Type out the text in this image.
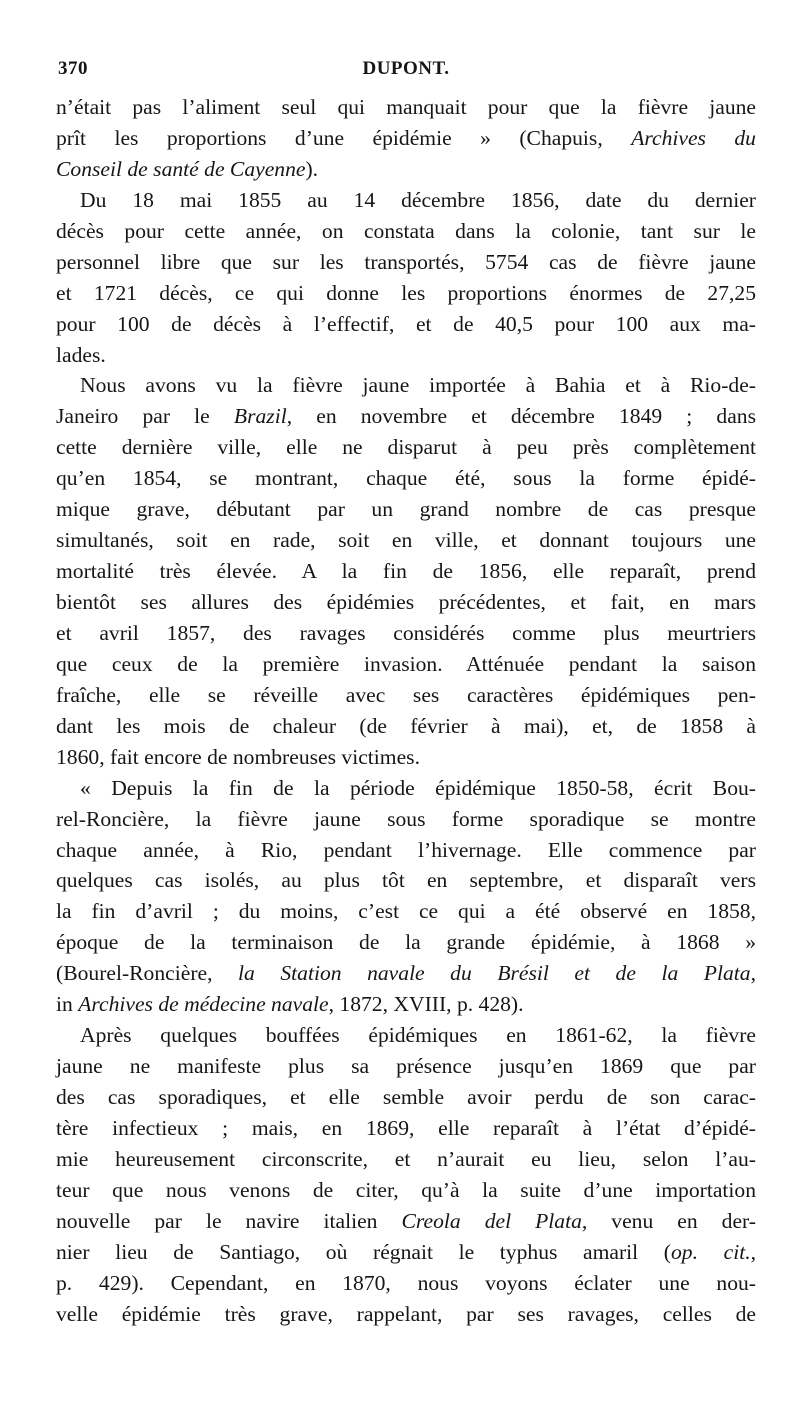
370	DUPONT.
n’était pas l’aliment seul qui manquait pour que la fièvre jaune
prît les proportions d’une épidémie » (Chapuis, Archives du
Conseil de santé de Cayenne).
Du 18 mai 1855 au 14 décembre 1856, date du dernier
décès pour cette année, on constata dans la colonie, tant sur le
personnel libre que sur les transportés, 5754 cas de fièvre jaune
et 1721 décès, ce qui donne les proportions énormes de 27,25
pour 100 de décès à l’effectif, et de 40,5 pour 100 aux ma-
lades.
Nous avons vu la fièvre jaune importée à Bahia et à Rio-de-
Janeiro par le Brazil, en novembre et décembre 1849 ; dans
cette dernière ville, elle ne disparut à peu près complètement
qu’en 1854, se montrant, chaque été, sous la forme épidé-
mique grave, débutant par un grand nombre de cas presque
simultanés, soit en rade, soit en ville, et donnant toujours une
mortalité très élevée. A la fin de 1856, elle reparaît, prend
bientôt ses allures des épidémies précédentes, et fait, en mars
et avril 1857, des ravages considérés comme plus meurtriers
que ceux de la première invasion. Atténuée pendant la saison
fraîche, elle se réveille avec ses caractères épidémiques pen-
dant les mois de chaleur (de février à mai), et, de 1858 à
1860, fait encore de nombreuses victimes.
« Depuis la fin de la période épidémique 1850-58, écrit Bou-
rel-Roncière, la fièvre jaune sous forme sporadique se montre
chaque année, à Rio, pendant l’hivernage. Elle commence par
quelques cas isolés, au plus tôt en septembre, et disparaît vers
la fin d’avril ; du moins, c’est ce qui a été observé en 1858,
époque de la terminaison de la grande épidémie, à 1868 »
(Bourel-Roncière, la Station navale du Brésil et de la Plata,
in Archives de médecine navale, 1872, XVIII, p. 428).
Après quelques bouffées épidémiques en 1861-62, la fièvre
jaune ne manifeste plus sa présence jusqu’en 1869 que par
des cas sporadiques, et elle semble avoir perdu de son carac-
tère infectieux ; mais, en 1869, elle reparaît à l’état d’épidé-
mie heureusement circonscrite, et n’aurait eu lieu, selon l’au-
teur que nous venons de citer, qu’à la suite d’une importation
nouvelle par le navire italien Creola del Plata, venu en der-
nier lieu de Santiago, où régnait le typhus amaril (op. cit.,
p. 429). Cependant, en 1870, nous voyons éclater une nou-
velle épidémie très grave, rappelant, par ses ravages, celles de
